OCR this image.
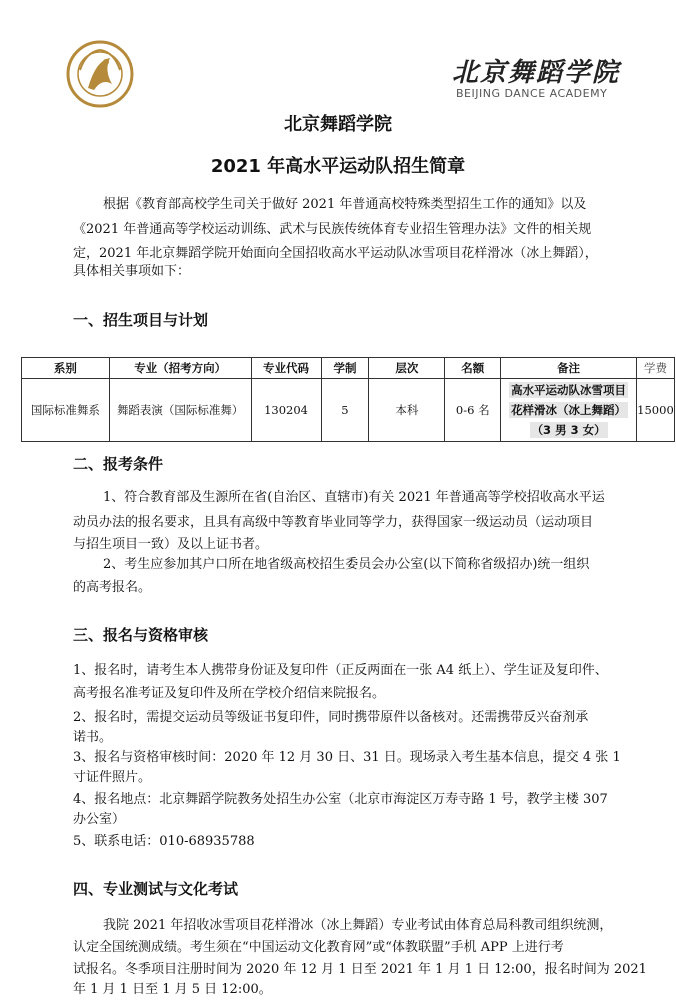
北京舞蹈学院
BEIJING DANCE ACADEMY
北京舞蹈学院
2021 年高水平运动队招生简章
根据《教育部高校学生司关于做好 2021 年普通高校特殊类型招生工作的通知》以及
《2021 年普通高等学校运动训练、武术与民族传统体育专业招生管理办法》文件的相关规
定，2021 年北京舞蹈学院开始面向全国招收高水平运动队冰雪项目花样滑冰（冰上舞蹈），
具体相关事项如下：
一、招生项目与计划
系别	专业（招考方向）	专业代码	学制	层次	名额	备注	学费
国际标准舞系	舞蹈表演（国际标准舞）	130204	5	本科	0-6 名	高水平运动队冰雪项目
花样滑冰（冰上舞蹈）
（3 男 3 女）	15000
二、报考条件
1、符合教育部及生源所在省(自治区、直辖市)有关 2021 年普通高等学校招收高水平运
动员办法的报名要求，且具有高级中等教育毕业同等学力，获得国家一级运动员（运动项目
与招生项目一致）及以上证书者。
2、考生应参加其户口所在地省级高校招生委员会办公室(以下简称省级招办)统一组织
的高考报名。
三、报名与资格审核
1、报名时，请考生本人携带身份证及复印件（正反两面在一张 A4 纸上）、学生证及复印件、
高考报名准考证及复印件及所在学校介绍信来院报名。
2、报名时，需提交运动员等级证书复印件，同时携带原件以备核对。还需携带反兴奋剂承
诺书。
3、报名与资格审核时间：2020 年 12 月 30 日、31 日。现场录入考生基本信息，提交 4 张 1
寸证件照片。
4、报名地点：北京舞蹈学院教务处招生办公室（北京市海淀区万寿寺路 1 号，教学主楼 307
办公室）
5、联系电话：010-68935788
四、专业测试与文化考试
我院 2021 年招收冰雪项目花样滑冰（冰上舞蹈）专业考试由体育总局科教司组织统测，
认定全国统测成绩。考生须在“中国运动文化教育网”或“体教联盟”手机 APP 上进行考
试报名。冬季项目注册时间为 2020 年 12 月 1 日至 2021 年 1 月 1 日 12:00，报名时间为 2021
年 1 月 1 日至 1 月 5 日 12:00。
